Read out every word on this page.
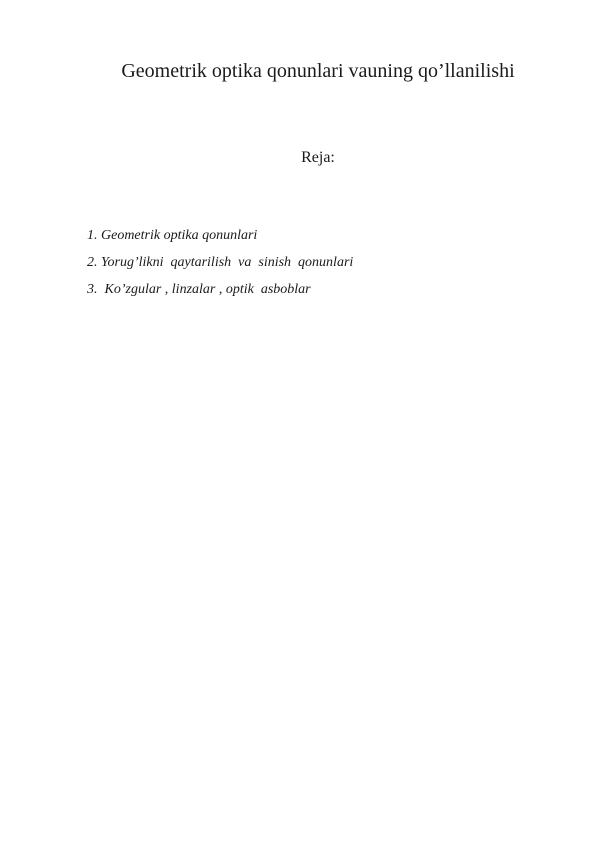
Geometrik optika qonunlari vauning qo’llanilishi
Reja:
1. Geometrik optika qonunlari
2. Yorug’likni  qaytarilish  va  sinish  qonunlari
3.  Ko’zgular , linzalar , optik  asboblar
